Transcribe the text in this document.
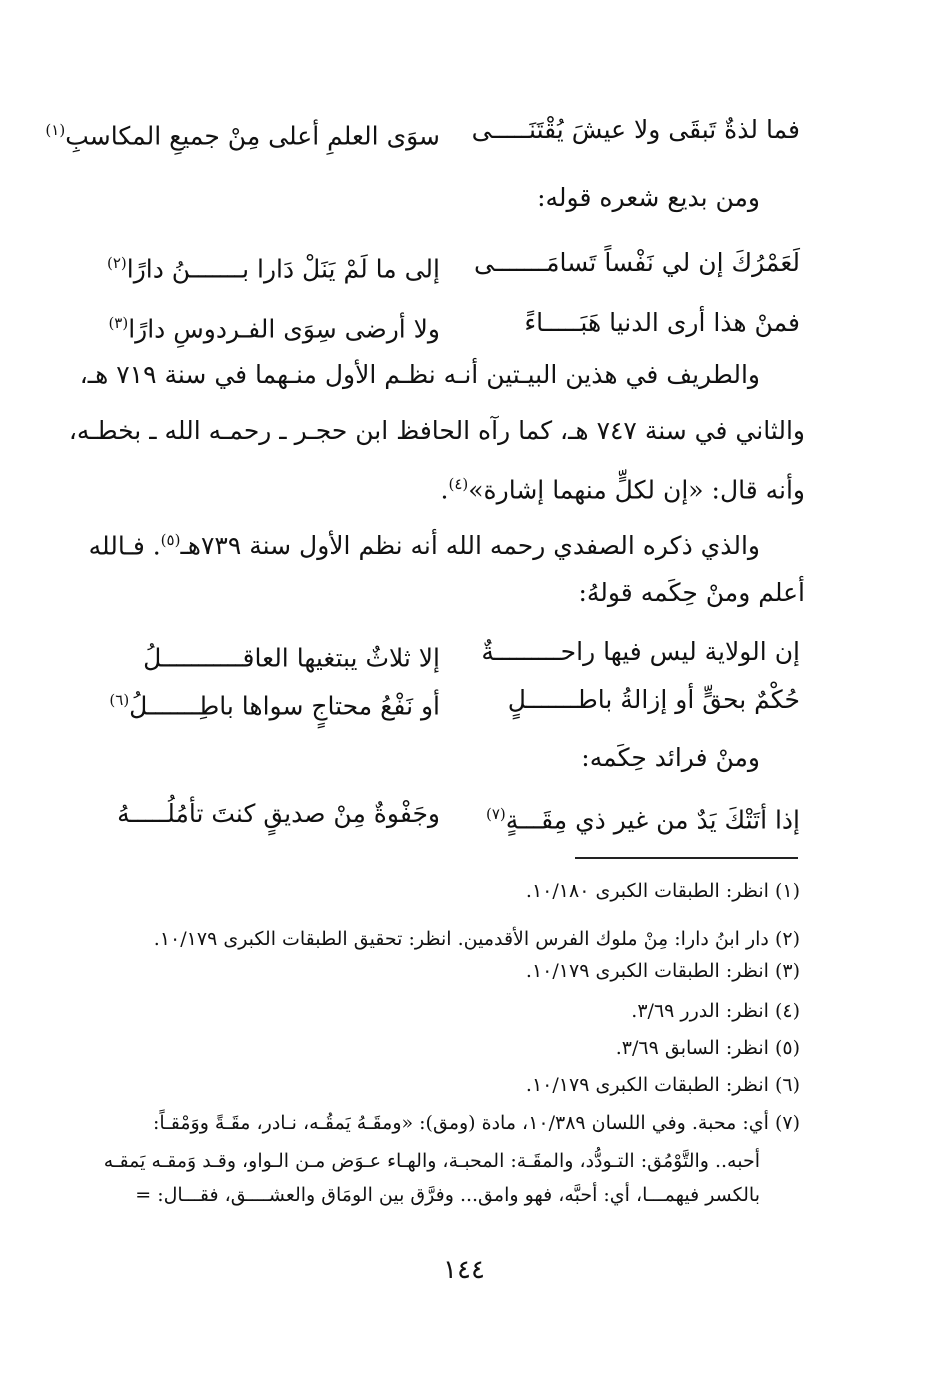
فما لذةٌ تَبقَى ولا عيشَ يُقْتَنَـــــى
سوَى العلمِ أعلى مِنْ جميعِ المكاسبِ$^{(١)}$
ومن بديع شعره قوله:
لَعَمْرُكَ إن لي نَفْساً تَسامَـــــــى
إلى ما لَمْ يَنَلْ دَارا بـــــــنُ دارًا$^{(٢)}$
فمنْ هذا أرى الدنيا هَبَـــــاءً
ولا أرضى سِوَى الفـردوسِ دارًا$^{(٣)}$
والطريف في هذين البيـتين أنـه نظـم الأول منـهما في سنة ٧١٩ هـ،
والثاني في سنة ٧٤٧ هـ، كما رآه الحافظ ابن حجـر ـ رحمـه الله ـ بخطـه،
وأنه قال: «إن لكلٍّ منهما إشارة»$^{(٤)}$.
والذي ذكره الصفدي رحمه الله أنه نظم الأول سنة ٧٣٩هـ$^{(٥)}$. فـالله
أعلم ومنْ حِكَمه قولهُ:
إن الولاية ليس فيها راحـــــــــةٌ
إلا ثلاثٌ يبتغيها العاقـــــــــــلُ
حُكْمٌ بحقٍّ أو إزالةُ باطـــــــلٍ
أو نَفْعُ محتاجٍ سواها باطِـــــــلُ$^{(٦)}$
ومنْ فرائد حِكَمه:
إذا أتَتْكَ يَدٌ من غير ذي مِقَـــةٍ$^{(٧)}$
وجَفْوةٌ مِنْ صديقٍ كنتَ تأمُلُـــــهُ
(١) انظر: الطبقات الكبرى ١٠/١٨٠.
(٢) دار ابنُ دارا: مِنْ ملوك الفرس الأقدمين. انظر: تحقيق الطبقات الكبرى ١٠/١٧٩.
(٣) انظر: الطبقات الكبرى ١٠/١٧٩.
(٤) انظر: الدرر ٣/٦٩.
(٥) انظر: السابق ٣/٦٩.
(٦) انظر: الطبقات الكبرى ١٠/١٧٩.
(٧) أي: محبة. وفي اللسان ١٠/٣٨٩، مادة (ومق): «ومقَـهُ يَمقُـه، نـادر، مقَـةً ووَمْقـاً:
أحبه.. والتَّوْمُق: التـودُّد، والمقَـة: المحبـة، والهـاء عـوَض مـن الـواو، وقـد وَمقـه يَمقـه
بالكسر فيهمـــا، أي: أحبَّه، فهو وامق... وفرَّق بين الومَاق والعشــــق، فقـــال: =
١٤٤
